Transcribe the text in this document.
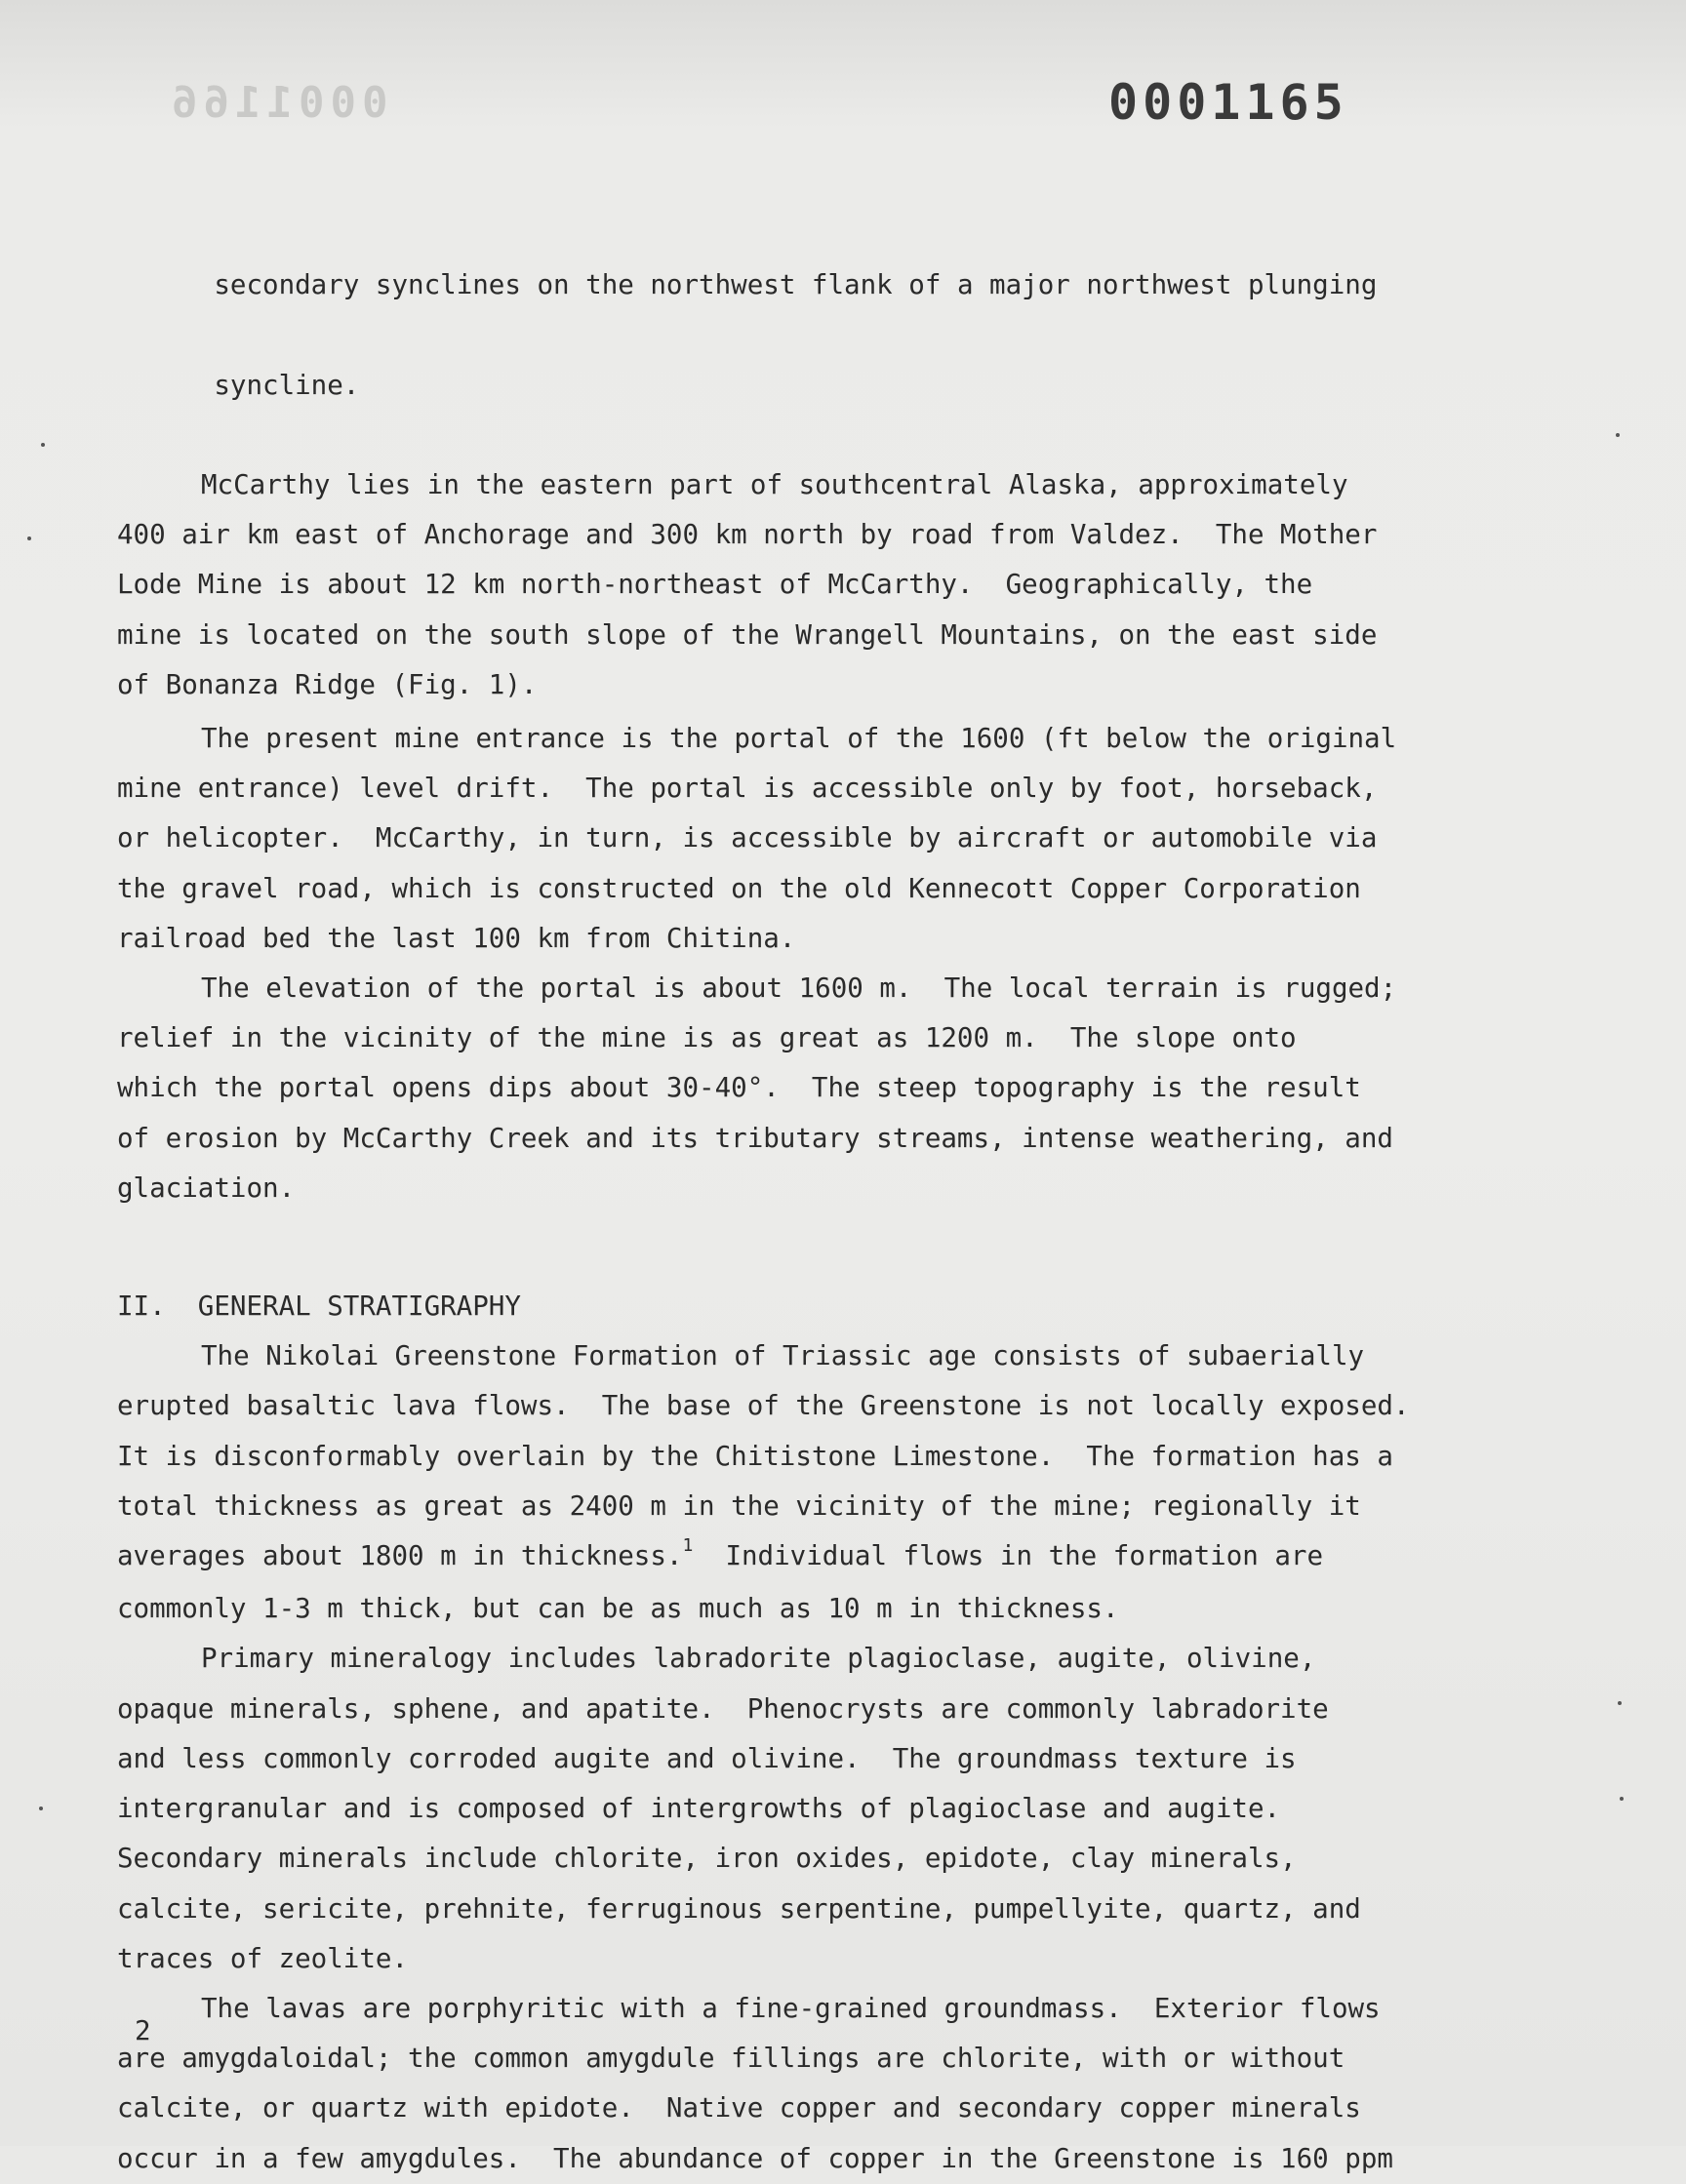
0001166	0001165

secondary synclines on the northwest flank of a major northwest plunging

syncline.

McCarthy lies in the eastern part of southcentral Alaska, approximately
400 air km east of Anchorage and 300 km north by road from Valdez.  The Mother
Lode Mine is about 12 km north-northeast of McCarthy.  Geographically, the
mine is located on the south slope of the Wrangell Mountains, on the east side
of Bonanza Ridge (Fig. 1).

The present mine entrance is the portal of the 1600 (ft below the original
mine entrance) level drift.  The portal is accessible only by foot, horseback,
or helicopter.  McCarthy, in turn, is accessible by aircraft or automobile via
the gravel road, which is constructed on the old Kennecott Copper Corporation
railroad bed the last 100 km from Chitina.

The elevation of the portal is about 1600 m.  The local terrain is rugged;
relief in the vicinity of the mine is as great as 1200 m.  The slope onto
which the portal opens dips about 30-40°.  The steep topography is the result
of erosion by McCarthy Creek and its tributary streams, intense weathering, and
glaciation.

II.  GENERAL STRATIGRAPHY

The Nikolai Greenstone Formation of Triassic age consists of subaerially
erupted basaltic lava flows.  The base of the Greenstone is not locally exposed.
It is disconformably overlain by the Chitistone Limestone.  The formation has a
total thickness as great as 2400 m in the vicinity of the mine; regionally it
averages about 1800 m in thickness.$^1$  Individual flows in the formation are
commonly 1-3 m thick, but can be as much as 10 m in thickness.

Primary mineralogy includes labradorite plagioclase, augite, olivine,
opaque minerals, sphene, and apatite.  Phenocrysts are commonly labradorite
and less commonly corroded augite and olivine.  The groundmass texture is
intergranular and is composed of intergrowths of plagioclase and augite.
Secondary minerals include chlorite, iron oxides, epidote, clay minerals,
calcite, sericite, prehnite, ferruginous serpentine, pumpellyite, quartz, and
traces of zeolite.

The lavas are porphyritic with a fine-grained groundmass.  Exterior flows
are amygdaloidal; the common amygdule fillings are chlorite, with or without
calcite, or quartz with epidote.  Native copper and secondary copper minerals
occur in a few amygdules.  The abundance of copper in the Greenstone is 160 ppm

2
